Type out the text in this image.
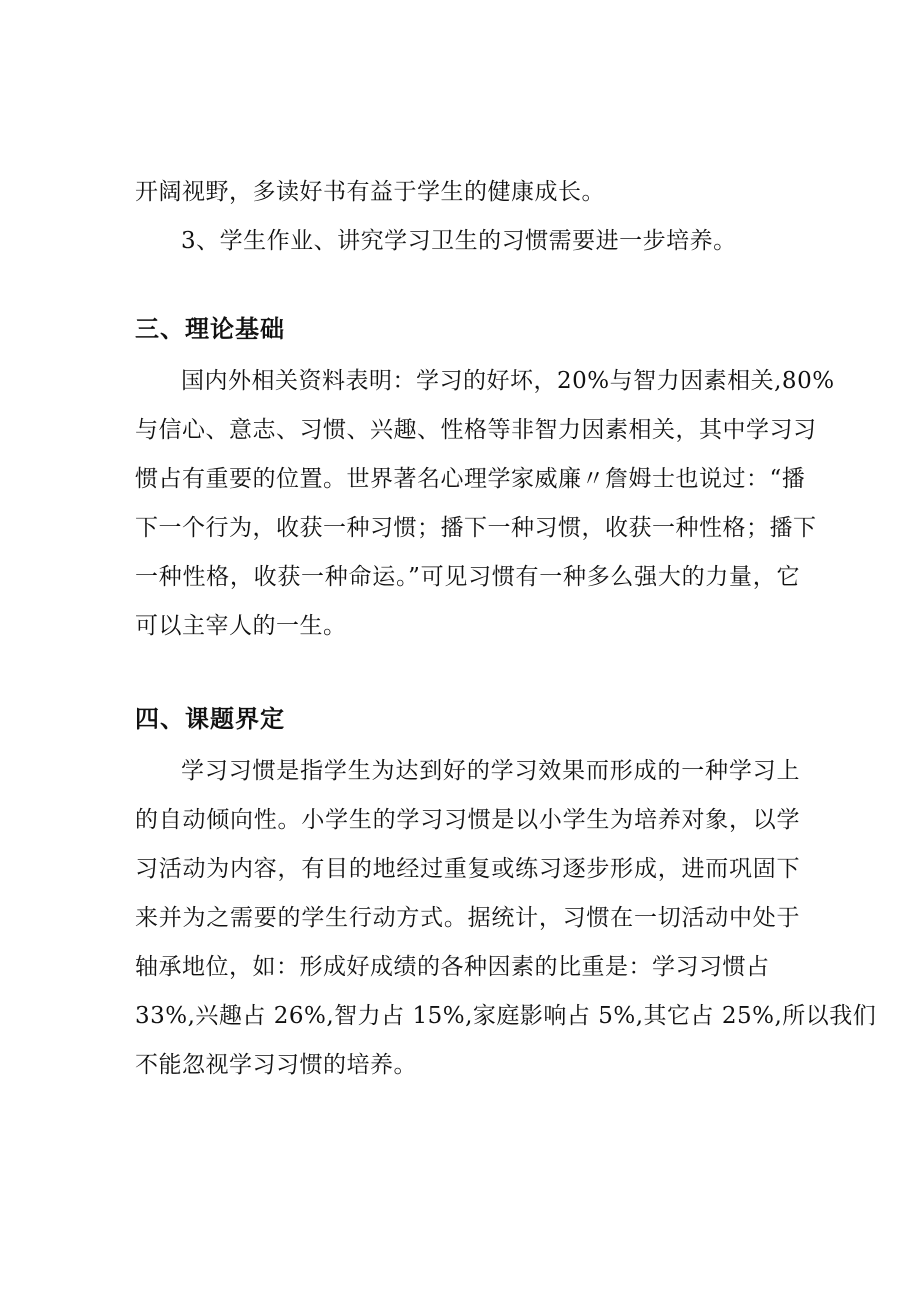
开阔视野，多读好书有益于学生的健康成长。
3、学生作业、讲究学习卫生的习惯需要进一步培养。
三、理论基础
国内外相关资料表明：学习的好坏，20%与智力因素相关,80%
与信心、意志、习惯、兴趣、性格等非智力因素相关，其中学习习
惯占有重要的位置。世界著名心理学家威廉〃詹姆士也说过：“播
下一个行为，收获一种习惯；播下一种习惯，收获一种性格；播下
一种性格，收获一种命运。”可见习惯有一种多么强大的力量，它
可以主宰人的一生。
四、课题界定
学习习惯是指学生为达到好的学习效果而形成的一种学习上
的自动倾向性。小学生的学习习惯是以小学生为培养对象，以学
习活动为内容，有目的地经过重复或练习逐步形成，进而巩固下
来并为之需要的学生行动方式。据统计，习惯在一切活动中处于
轴承地位，如：形成好成绩的各种因素的比重是：学习习惯占
33%,兴趣占 26%,智力占 15%,家庭影响占 5%,其它占 25%,所以我们
不能忽视学习习惯的培养。
